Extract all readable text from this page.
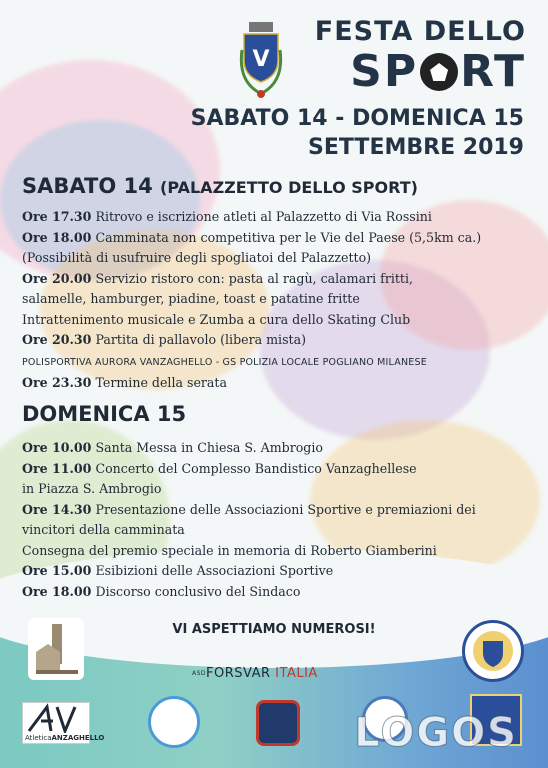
V
FESTA DELLO
SP RT
SABATO 14 - DOMENICA 15
SETTEMBRE 2019
SABATO 14 (PALAZZETTO DELLO SPORT)
Ore 17.30 Ritrovo e iscrizione atleti al Palazzetto di Via Rossini
Ore 18.00 Camminata non competitiva per le Vie del Paese (5,5km ca.)
(Possibilità di usufruire degli spogliatoi del Palazzetto)
Ore 20.00 Servizio ristoro con: pasta al ragù, calamari fritti,
salamelle, hamburger, piadine, toast e patatine fritte
Intrattenimento musicale e Zumba a cura dello Skating Club
Ore 20.30 Partita di pallavolo (libera mista)
POLISPORTIVA AURORA VANZAGHELLO - GS POLIZIA LOCALE POGLIANO MILANESE
Ore 23.30 Termine della serata
DOMENICA 15
Ore 10.00 Santa Messa in Chiesa S. Ambrogio
Ore 11.00 Concerto del Complesso Bandistico Vanzaghellese
in Piazza S. Ambrogio
Ore 14.30 Presentazione delle Associazioni Sportive e premiazioni dei
vincitori della camminata
Consegna del premio speciale in memoria di Roberto Giamberini
Ore 15.00 Esibizioni delle Associazioni Sportive
Ore 18.00 Discorso conclusivo del Sindaco
VI ASPETTIAMO NUMEROSI!
ASDFORSVAR ITALIA
AtleticaANZAGHELLO	LOGOS
